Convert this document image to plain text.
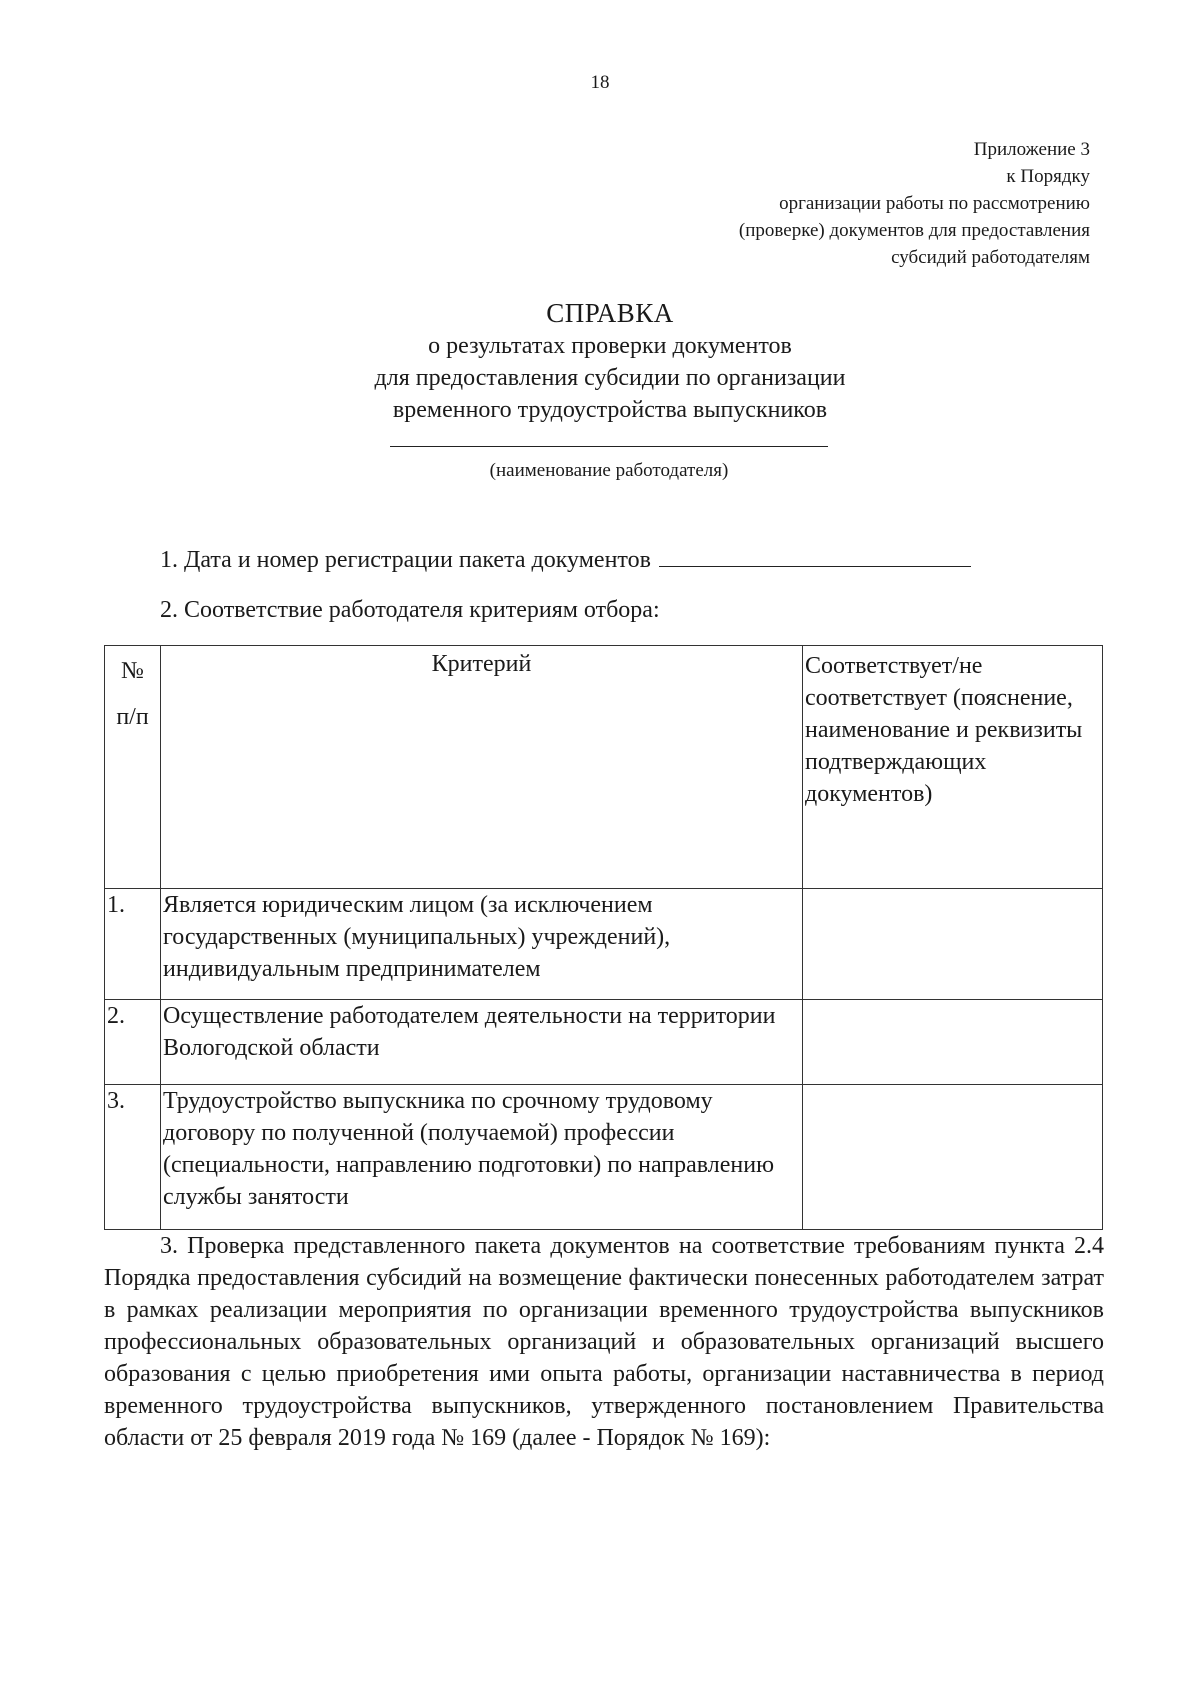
18
Приложение 3
к Порядку
организации работы по рассмотрению
(проверке) документов для предоставления
субсидий работодателям
СПРАВКА
о результатах проверки документов
для предоставления субсидии по организации
временного трудоустройства выпускников
(наименование работодателя)
1. Дата и номер регистрации пакета документов
2. Соответствие работодателя критериям отбора:
№
п/п	Критерий	Соответствует/не соответствует (пояснение, наименование и реквизиты подтверждающих документов)
1.	Является юридическим лицом (за исключением государственных (муниципальных) учреждений), индивидуальным предпринимателем	
2.	Осуществление работодателем деятельности на территории Вологодской области	
3.	Трудоустройство выпускника по срочному трудовому договору по полученной (получаемой) профессии (специальности, направлению подготовки) по направлению службы занятости	
3. Проверка представленного пакета документов на соответствие требованиям пункта 2.4 Порядка предоставления субсидий на возмещение фактически понесенных работодателем затрат в рамках реализации мероприятия по организации временного трудоустройства выпускников профессиональных образовательных организаций и образовательных организаций высшего образования с целью приобретения ими опыта работы, организации наставничества в период временного трудоустройства выпускников, утвержденного постановлением Правительства области от 25 февраля 2019 года № 169 (далее - Порядок № 169):
